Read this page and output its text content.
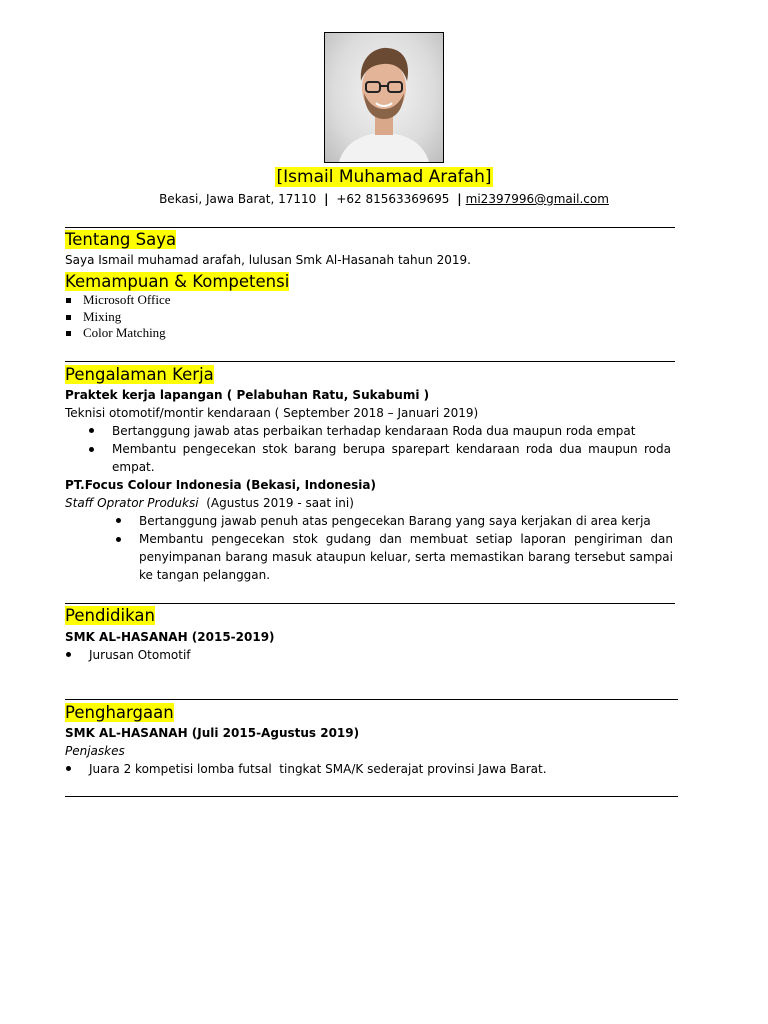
[Ismail Muhamad Arafah]
Bekasi, Jawa Barat, 17110 | +62 81563369695 | mi2397996@gmail.com
Tentang Saya
Saya Ismail muhamad arafah, lulusan Smk Al-Hasanah tahun 2019.
Kemampuan & Kompetensi
Microsoft Office
Mixing
Color Matching
Pengalaman Kerja
Praktek kerja lapangan ( Pelabuhan Ratu, Sukabumi )
Teknisi otomotif/montir kendaraan ( September 2018 – Januari 2019)
Bertanggung jawab atas perbaikan terhadap kendaraan Roda dua maupun roda empat
Membantu pengecekan stok barang berupa sparepart kendaraan roda dua maupun roda empat.
PT.Focus Colour Indonesia (Bekasi, Indonesia)
Staff Oprator Produksi (Agustus 2019 - saat ini)
Bertanggung jawab penuh atas pengecekan Barang yang saya kerjakan di area kerja
Membantu pengecekan stok gudang dan membuat setiap laporan pengiriman dan penyimpanan barang masuk ataupun keluar, serta memastikan barang tersebut sampai ke tangan pelanggan.
Pendidikan
SMK AL-HASANAH (2015-2019)
Jurusan Otomotif
Penghargaan
SMK AL-HASANAH (Juli 2015-Agustus 2019)
Penjaskes
Juara 2 kompetisi lomba futsal  tingkat SMA/K sederajat provinsi Jawa Barat.
